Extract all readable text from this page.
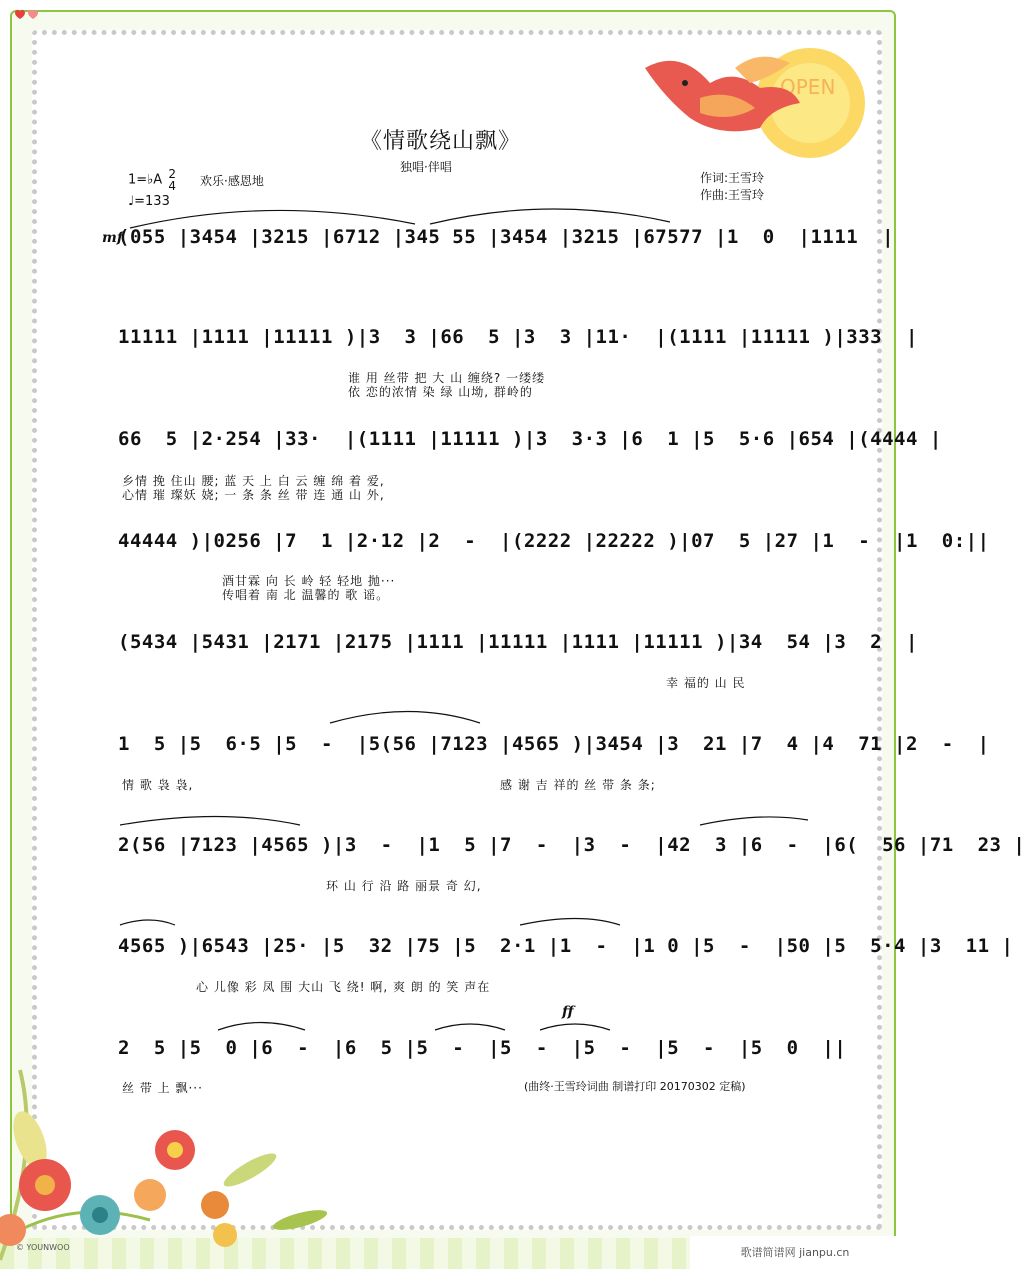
OPEN
《情歌绕山飘》
独唱·伴唱
1=♭A 2
4 欢乐·感恩地
♩=133
作词:王雪玲
作曲:王雪玲
mf
ff
(055 |3454 |3215 |6712 |345 55 |3454 |3215 |67577 |1  0  |1111  |
11111 |1111 |11111 )|3  3 |66  5 |3  3 |11·  |(1111 |11111 )|333  |
谁 用 丝带 把 大 山 缠绕? 一缕缕
依 恋的浓情 染 绿 山坳, 群岭的
66  5 |2·254 |33·  |(1111 |11111 )|3  3·3 |6  1 |5  5·6 |654 |(4444 |
乡情 挽 住山 腰; 蓝 天 上 白 云 缠 绵 着 爱,
心情 璀 璨妖 娆; 一 条 条 丝 带 连 通 山 外,
44444 )|0256 |7  1 |2·12 |2  -  |(2222 |22222 )|07  5 |27 |1  -  |1  0:||
酒甘霖 向 长 岭 轻 轻地 抛···
传唱着 南 北 温馨的 歌 谣。
(5434 |5431 |2171 |2175 |1111 |11111 |1111 |11111 )|34  54 |3  2  |
幸 福的 山 民
1  5 |5  6·5 |5  -  |5(56 |7123 |4565 )|3454 |3  21 |7  4 |4  71 |2  -  |
情 歌 袅 袅,	感 谢 吉 祥的 丝 带 条 条;
2(56 |7123 |4565 )|3  -  |1  5 |7  -  |3  -  |42  3 |6  -  |6(  56 |71  23 |
环 山 行 沿 路 丽景 奇 幻,
4565 )|6543 |25· |5  32 |75 |5  2·1 |1  -  |1 0 |5  -  |50 |5  5·4 |3  11 |
心 儿像 彩 凤 围 大山 飞 绕! 啊, 爽 朗 的 笑 声在
2  5 |5  0 |6  -  |6  5 |5  -  |5  -  |5  -  |5  -  |5  0  ||
丝 带 上 飘···	(曲终·王雪玲词曲 制谱打印 20170302 定稿)
© YOUNWOO	歌谱简谱网 jianpu.cn
